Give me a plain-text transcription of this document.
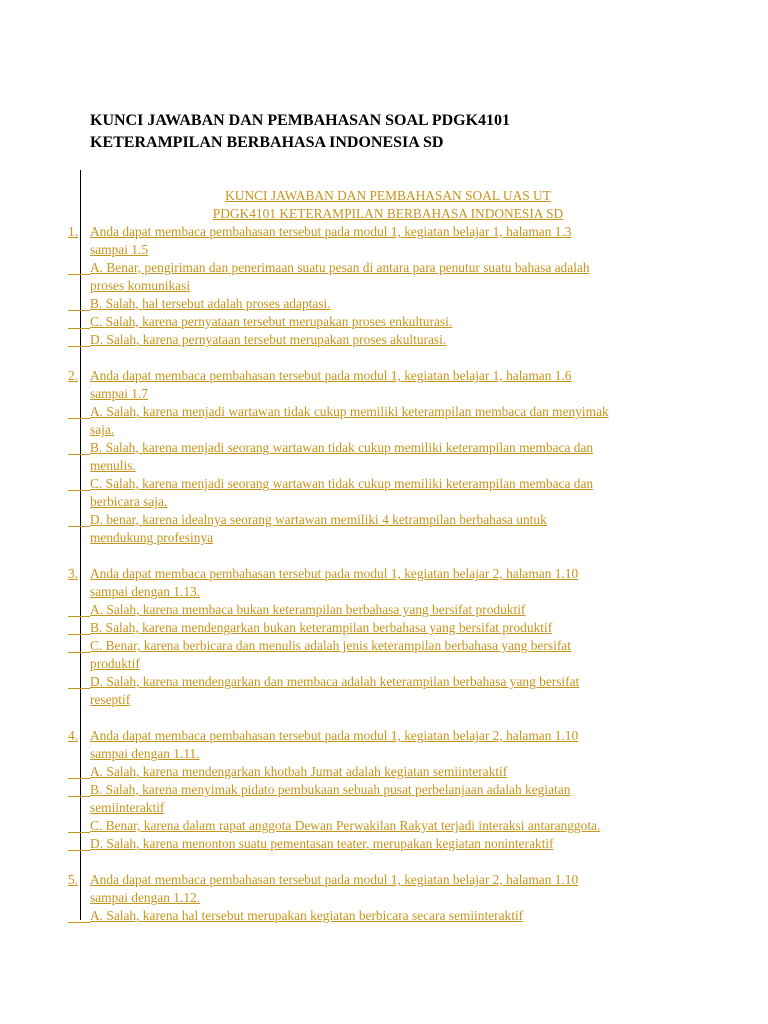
KUNCI JAWABAN DAN PEMBAHASAN SOAL PDGK4101
KETERAMPILAN BERBAHASA INDONESIA SD
KUNCI JAWABAN DAN PEMBAHASAN SOAL UAS UT
PDGK4101 KETERAMPILAN BERBAHASA INDONESIA SD
1. Anda dapat membaca pembahasan tersebut pada modul 1, kegiatan belajar 1, halaman 1.3
sampai 1.5
A. Benar, pengiriman dan penerimaan suatu pesan di antara para penutur suatu bahasa adalah
proses komunikasi
B. Salah, hal tersebut adalah proses adaptasi.
C. Salah, karena pernyataan tersebut merupakan proses enkulturasi.
D. Salah, karena pernyataan tersebut merupakan proses akulturasi.
2. Anda dapat membaca pembahasan tersebut pada modul 1, kegiatan belajar 1, halaman 1.6
sampai 1.7
A. Salah, karena menjadi wartawan tidak cukup memiliki keterampilan membaca dan menyimak
saja.
B. Salah, karena menjadi seorang wartawan tidak cukup memiliki keterampilan membaca dan
menulis.
C. Salah, karena menjadi seorang wartawan tidak cukup memiliki keterampilan membaca dan
berbicara saja.
D. benar, karena idealnya seorang wartawan memiliki 4 ketrampilan berbahasa untuk
mendukung profesinya
3. Anda dapat membaca pembahasan tersebut pada modul 1, kegiatan belajar 2, halaman 1.10
sampai dengan 1.13.
A. Salah, karena membaca bukan keterampilan berbahasa yang bersifat produktif
B. Salah, karena mendengarkan bukan keterampilan berbahasa yang bersifat produktif
C. Benar, karena berbicara dan menulis adalah jenis keterampilan berbahasa yang bersifat
produktif
D. Salah, karena mendengarkan dan membaca adalah keterampilan berbahasa yang bersifat
reseptif
4. Anda dapat membaca pembahasan tersebut pada modul 1, kegiatan belajar 2, halaman 1.10
sampai dengan 1.11.
A. Salah, karena mendengarkan khotbah Jumat adalah kegiatan semiinteraktif
B. Salah, karena menyimak pidato pembukaan sebuah pusat perbelanjaan adalah kegiatan
semiinteraktif
C. Benar, karena dalam rapat anggota Dewan Perwakilan Rakyat terjadi interaksi antaranggota.
D. Salah, karena menonton suatu pementasan teater, merupakan kegiatan noninteraktif
5. Anda dapat membaca pembahasan tersebut pada modul 1, kegiatan belajar 2, halaman 1.10
sampai dengan 1.12.
A. Salah, karena hal tersebut merupakan kegiatan berbicara secara semiinteraktif
